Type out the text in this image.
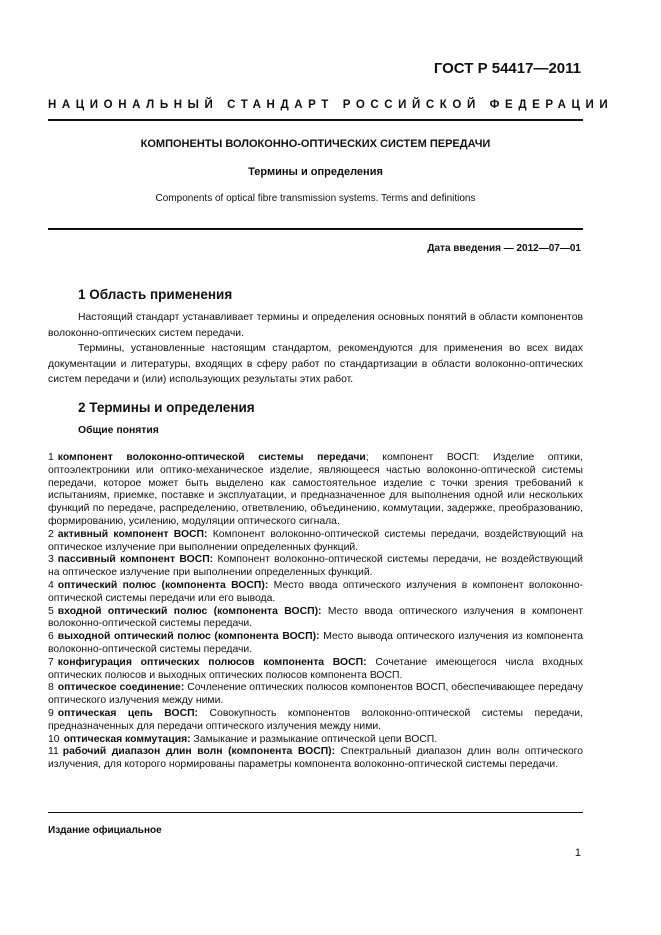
ГОСТ Р 54417—2011
НАЦИОНАЛЬНЫЙ СТАНДАРТ РОССИЙСКОЙ ФЕДЕРАЦИИ
КОМПОНЕНТЫ ВОЛОКОННО-ОПТИЧЕСКИХ СИСТЕМ ПЕРЕДАЧИ
Термины и определения
Components of optical fibre transmission systems. Terms and definitions
Дата введения — 2012—07—01
1 Область применения

Настоящий стандарт устанавливает термины и определения основных понятий в области компонентов волоконно-оптических систем передачи.

Термины, установленные настоящим стандартом, рекомендуются для применения во всех видах документации и литературы, входящих в сферу работ по стандартизации в области волоконно-оптических систем передачи и (или) использующих результаты этих работ.

2 Термины и определения
Общие понятия

1 компонент волоконно-оптической системы передачи; компонент ВОСП: Изделие оптики, оптоэлектроники или оптико-механическое изделие, являющееся частью волоконно-оптической системы передачи, которое может быть выделено как самостоятельное изделие с точки зрения требований к испытаниям, приемке, поставке и эксплуатации, и предназначенное для выполнения одной или нескольких функций по передаче, распределению, ответвлению, объединению, коммутации, задержке, преобразованию, формированию, усилению, модуляции оптического сигнала.

2 активный компонент ВОСП: Компонент волоконно-оптической системы передачи, воздействующий на оптическое излучение при выполнении определенных функций.

3 пассивный компонент ВОСП: Компонент волоконно-оптической системы передачи, не воздействующий на оптическое излучение при выполнении определенных функций.

4 оптический полюс (компонента ВОСП): Место ввода оптического излучения в компонент волоконно-оптической системы передачи или его вывода.

5 входной оптический полюс (компонента ВОСП): Место ввода оптического излучения в компонент волоконно-оптической системы передачи.

6 выходной оптический полюс (компонента ВОСП): Место вывода оптического излучения из компонента волоконно-оптической системы передачи.

7 конфигурация оптических полюсов компонента ВОСП: Сочетание имеющегося числа входных оптических полюсов и выходных оптических полюсов компонента ВОСП.

8 оптическое соединение: Сочленение оптических полюсов компонентов ВОСП, обеспечивающее передачу оптического излучения между ними.

9 оптическая цепь ВОСП: Совокупность компонентов волоконно-оптической системы передачи, предназначенных для передачи оптического излучения между ними.

10 оптическая коммутация: Замыкание и размыкание оптической цепи ВОСП.

11 рабочий диапазон длин волн (компонента ВОСП): Спектральный диапазон длин волн оптического излучения, для которого нормированы параметры компонента волоконно-оптической системы передачи.

Издание официальное
1
